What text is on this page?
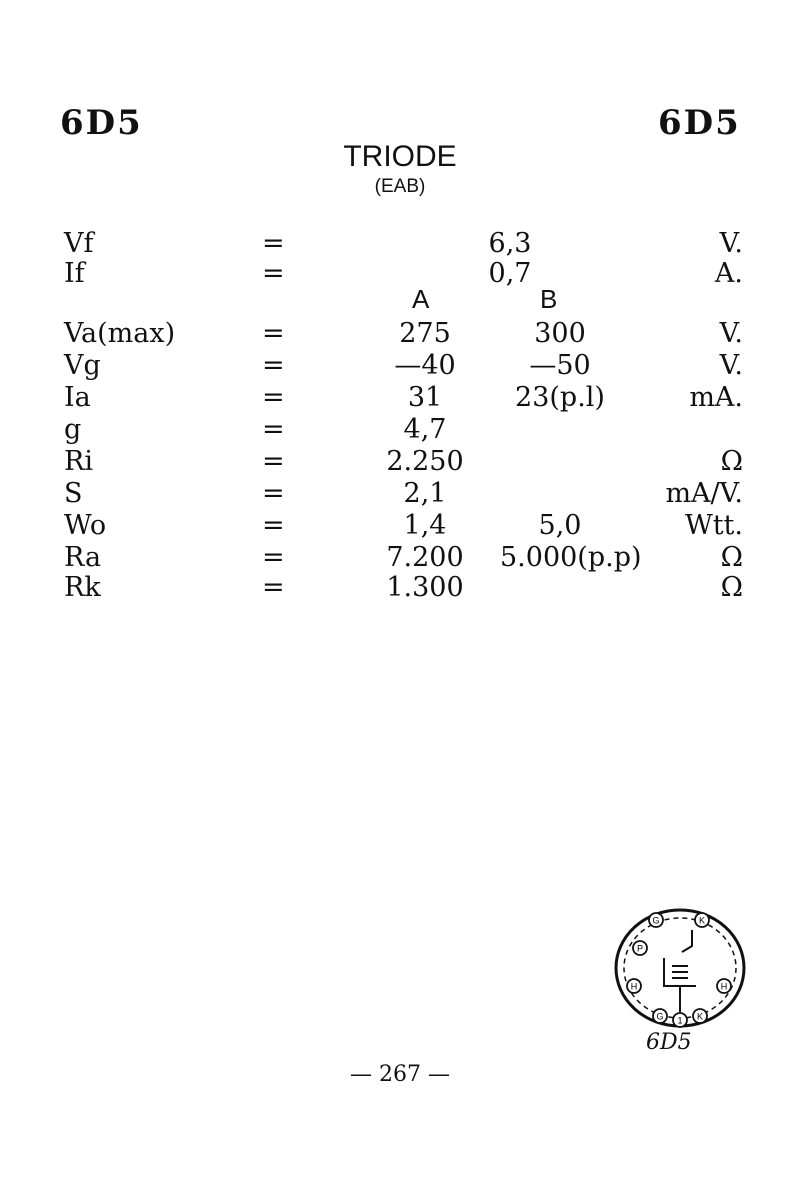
6D5	6D5
TRIODE
(EAB)
A	B
Vf	=	6,3	V.
If	=	0,7	A.
Va(max)	=	275	300	V.
Vg	=	—40	—50	V.
Ia	=	31	23(p.l)	mA.
g	=	4,7
Ri	=	2.250	Ω
S	=	2,1	mA/V.
Wo	=	1,4	5,0	Wtt.
Ra	=	7.200	5.000(p.p)	Ω
Rk	=	1.300	Ω
G	K
P
H	H
K
G 1
6D5
— 267 —
